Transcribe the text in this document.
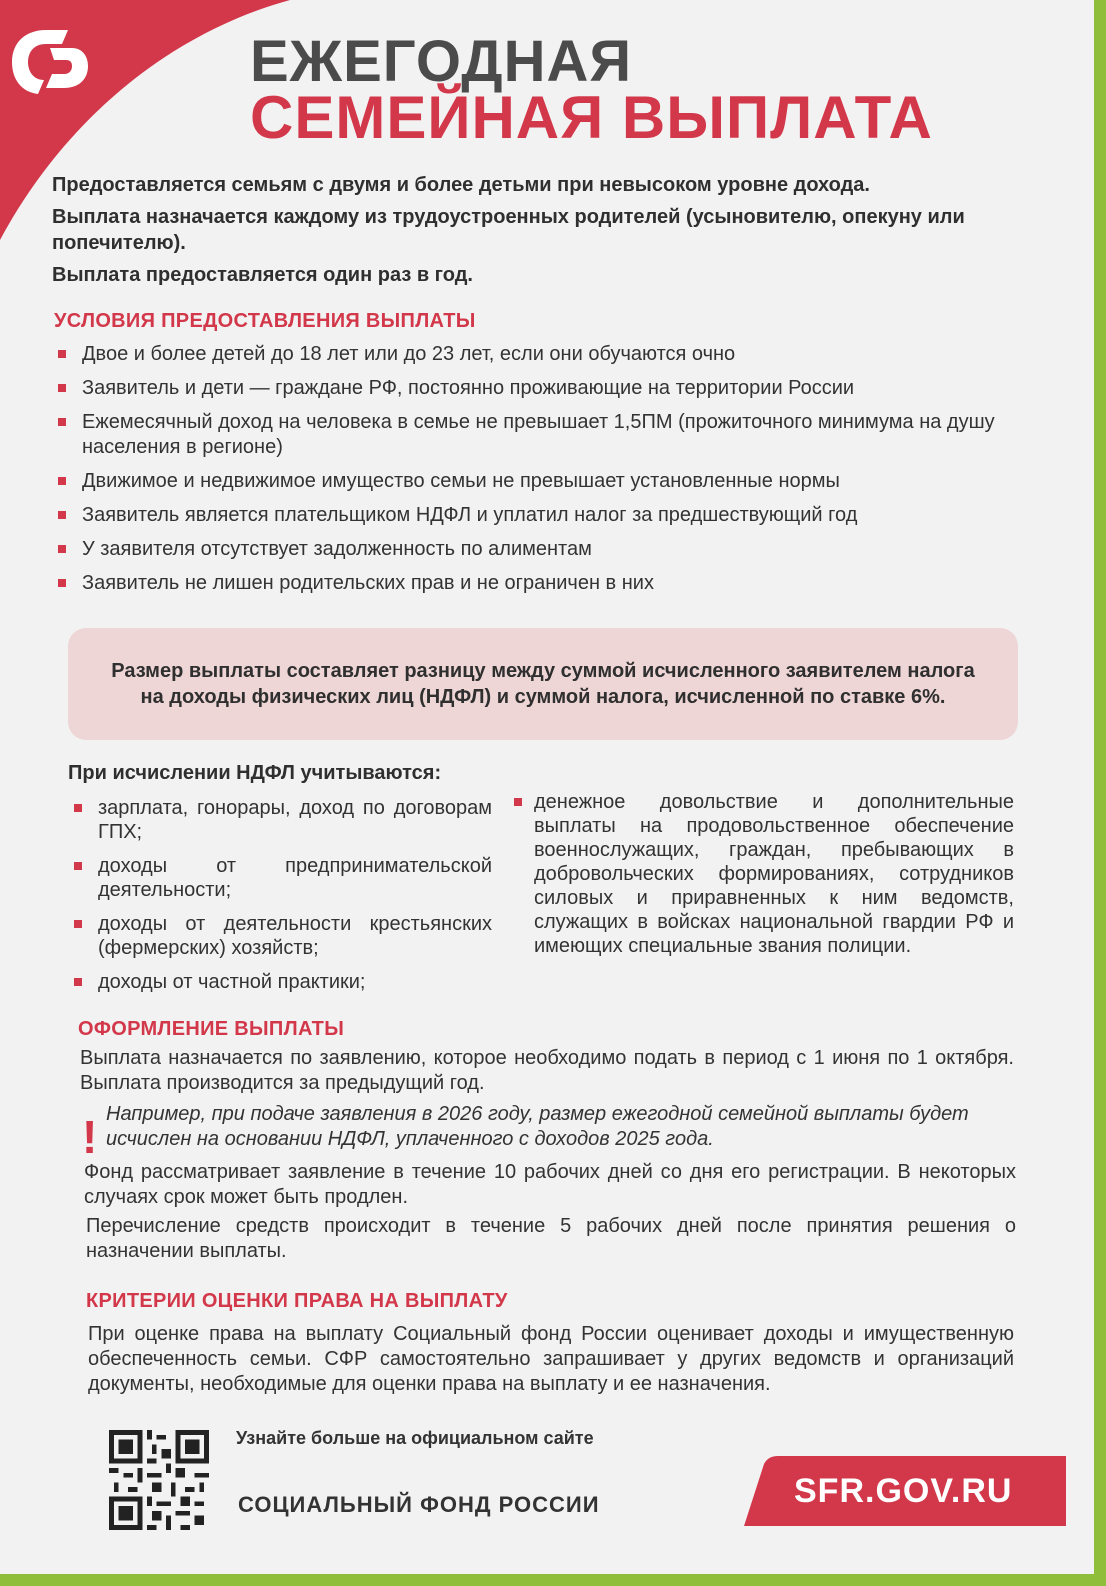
ЕЖЕГОДНАЯ
СЕМЕЙНАЯ ВЫПЛАТА

Предоставляется семьям с двумя и более детьми при невысоком уровне дохода.

Выплата назначается каждому из трудоустроенных родителей (усыновителю, опекуну или попечителю).

Выплата предоставляется один раз в год.

УСЛОВИЯ ПРЕДОСТАВЛЕНИЯ ВЫПЛАТЫ
Двое и более детей до 18 лет или до 23 лет, если они обучаются очно
Заявитель и дети — граждане РФ, постоянно проживающие на территории России
Ежемесячный доход на человека в семье не превышает 1,5ПМ (прожиточного минимума на душу населения в регионе)
Движимое и недвижимое имущество семьи не превышает установленные нормы
Заявитель является плательщиком НДФЛ и уплатил налог за предшествующий год
У заявителя отсутствует задолженность по алиментам
Заявитель не лишен родительских прав и не ограничен в них
Размер выплаты составляет разницу между суммой исчисленного заявителем налога на доходы физических лиц (НДФЛ) и суммой налога, исчисленной по ставке 6%.
При исчислении НДФЛ учитываются:
зарплата, гонорары, доход по договорам ГПХ;
доходы от предпринимательской деятельности;
доходы от деятельности крестьянских (фермерских) хозяйств;
доходы от частной практики;
денежное довольствие и дополнительные выплаты на продовольственное обеспечение военнослужащих, граждан, пребывающих в добровольческих формированиях, сотрудников силовых и приравненных к ним ведомств, служащих в войсках национальной гвардии РФ и имеющих специальные звания полиции.
ОФОРМЛЕНИЕ ВЫПЛАТЫ
Выплата назначается по заявлению, которое необходимо подать в период с 1 июня по 1 октября. Выплата производится за предыдущий год.
! Например, при подаче заявления в 2026 году, размер ежегодной семейной выплаты будет исчислен на основании НДФЛ, уплаченного с доходов 2025 года.
Фонд рассматривает заявление в течение 10 рабочих дней со дня его регистрации. В некоторых случаях срок может быть продлен.
Перечисление средств происходит в течение 5 рабочих дней после принятия решения о назначении выплаты.
КРИТЕРИИ ОЦЕНКИ ПРАВА НА ВЫПЛАТУ
При оценке права на выплату Социальный фонд России оценивает доходы и имущественную обеспеченность семьи. СФР самостоятельно запрашивает у других ведомств и организаций документы, необходимые для оценки права на выплату и ее назначения.
Узнайте больше на официальном сайте
СОЦИАЛЬНЫЙ ФОНД РОССИИ	SFR.GOV.RU
